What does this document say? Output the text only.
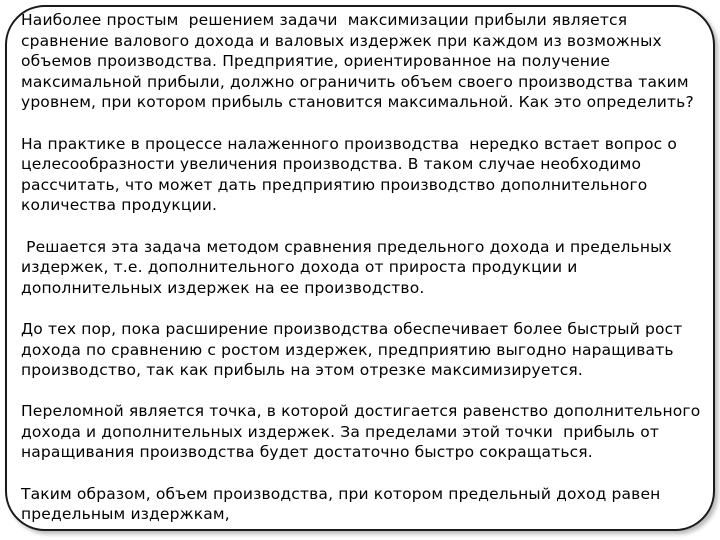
Наиболее простым  решением задачи  максимизации прибыли является сравнение валового дохода и валовых издержек при каждом из возможных объемов производства. Предприятие, ориентированное на получение максимальной прибыли, должно ограничить объем своего производства таким уровнем, при котором прибыль становится максимальной. Как это определить?

На практике в процессе налаженного производства  нередко встает вопрос о целесообразности увеличения производства. В таком случае необходимо рассчитать, что может дать предприятию производство дополнительного количества продукции.

Решается эта задача методом сравнения предельного дохода и предельных издержек, т.е. дополнительного дохода от прироста продукции и дополнительных издержек на ее производство.

До тех пор, пока расширение производства обеспечивает более быстрый рост дохода по сравнению с ростом издержек, предприятию выгодно наращивать производство, так как прибыль на этом отрезке максимизируется.

Переломной является точка, в которой достигается равенство дополнительного дохода и дополнительных издержек. За пределами этой точки  прибыль от наращивания производства будет достаточно быстро сокращаться.

Таким образом, объем производства, при котором предельный доход равен предельным издержкам,
